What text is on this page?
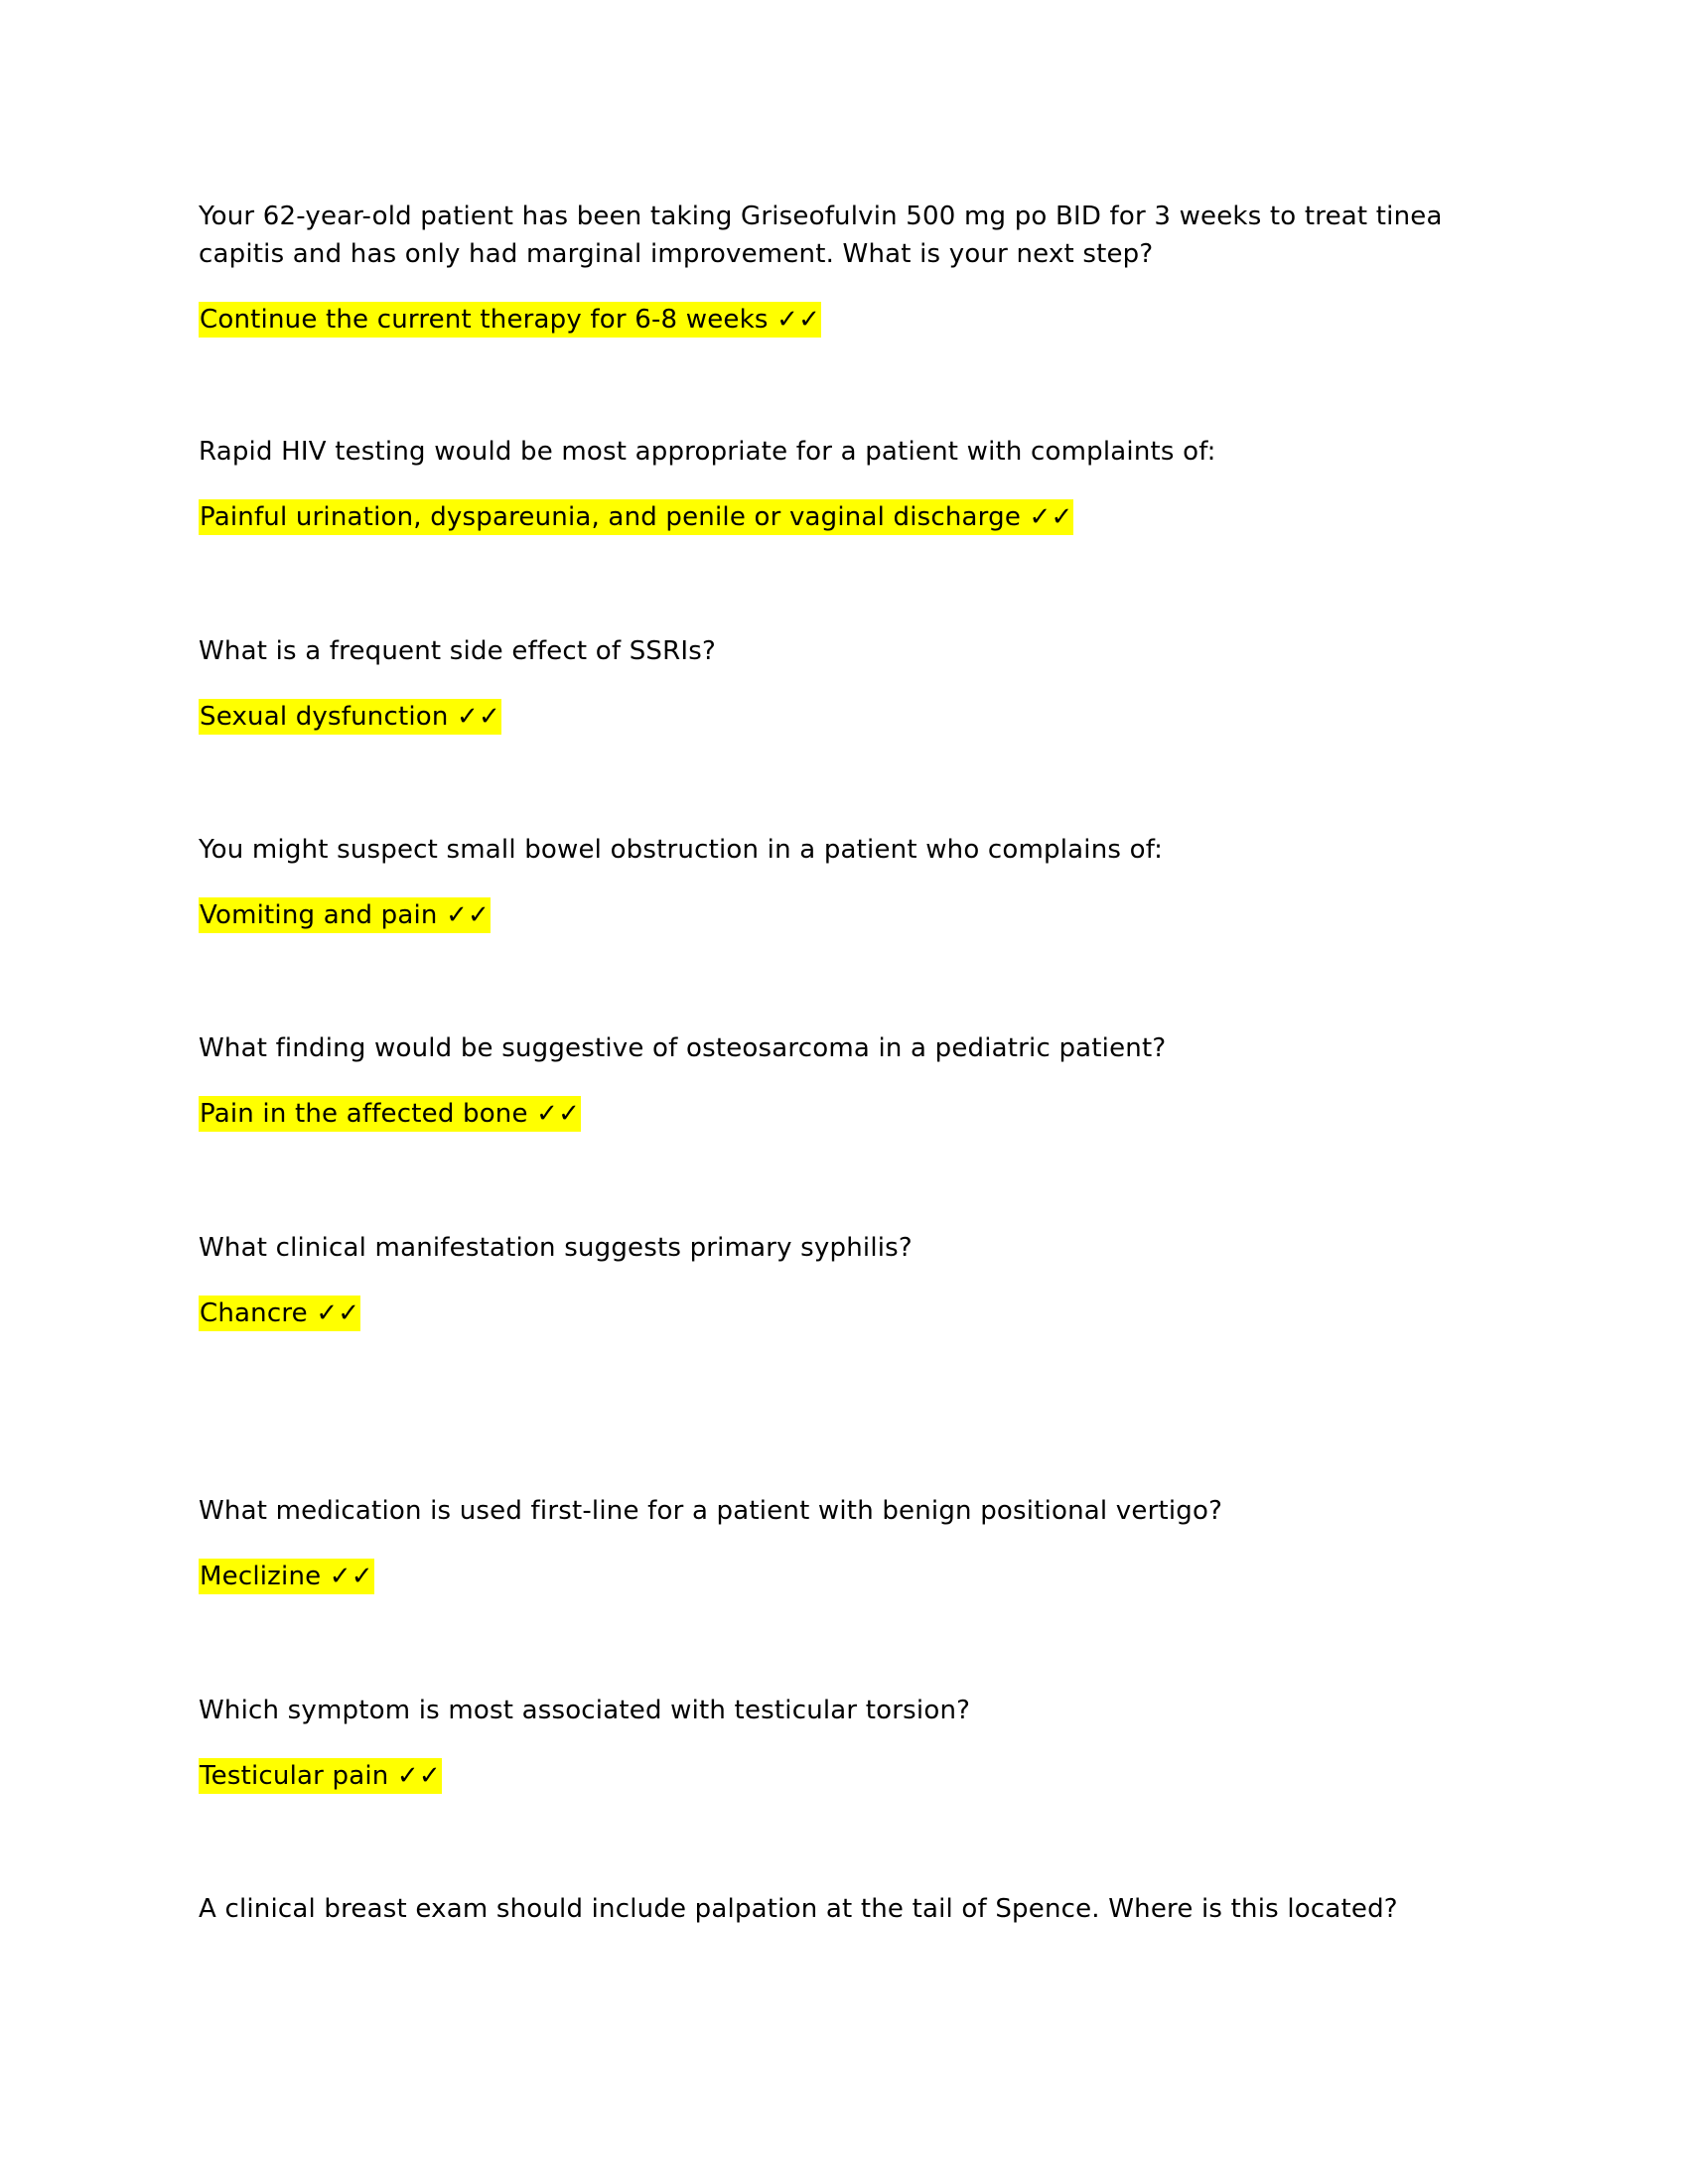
Your 62-year-old patient has been taking Griseofulvin 500 mg po BID for 3 weeks to treat tinea capitis and has only had marginal improvement. What is your next step?

Continue the current therapy for 6-8 weeks ✓✓

Rapid HIV testing would be most appropriate for a patient with complaints of:

Painful urination, dyspareunia, and penile or vaginal discharge ✓✓

What is a frequent side effect of SSRIs?

Sexual dysfunction ✓✓

You might suspect small bowel obstruction in a patient who complains of:

Vomiting and pain ✓✓

What finding would be suggestive of osteosarcoma in a pediatric patient?

Pain in the affected bone ✓✓

What clinical manifestation suggests primary syphilis?

Chancre ✓✓

What medication is used first-line for a patient with benign positional vertigo?

Meclizine ✓✓

Which symptom is most associated with testicular torsion?

Testicular pain ✓✓

A clinical breast exam should include palpation at the tail of Spence. Where is this located?
